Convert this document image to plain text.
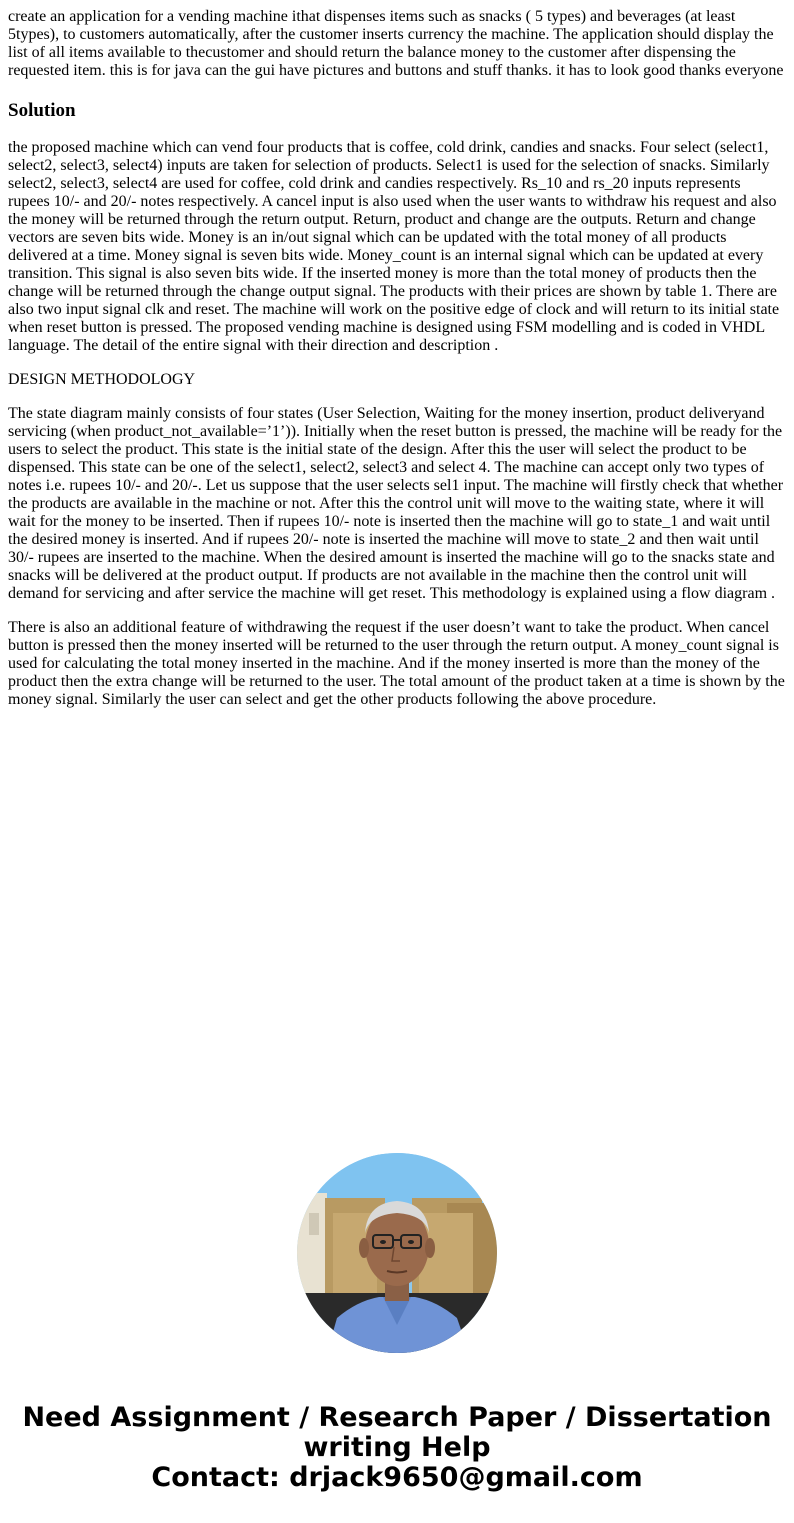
create an application for a vending machine ithat dispenses items such as snacks ( 5 types) and beverages (at least 5types), to customers automatically, after the customer inserts currency the machine. The application should display the list of all items available to thecustomer and should return the balance money to the customer after dispensing the requested item. this is for java can the gui have pictures and buttons and stuff thanks. it has to look good thanks everyone

Solution

the proposed machine which can vend four products that is coffee, cold drink, candies and snacks. Four select (select1, select2, select3, select4) inputs are taken for selection of products. Select1 is used for the selection of snacks. Similarly select2, select3, select4 are used for coffee, cold drink and candies respectively. Rs_10 and rs_20 inputs represents rupees 10/- and 20/- notes respectively. A cancel input is also used when the user wants to withdraw his request and also the money will be returned through the return output. Return, product and change are the outputs. Return and change vectors are seven bits wide. Money is an in/out signal which can be updated with the total money of all products delivered at a time. Money signal is seven bits wide. Money_count is an internal signal which can be updated at every transition. This signal is also seven bits wide. If the inserted money is more than the total money of products then the change will be returned through the change output signal. The products with their prices are shown by table 1. There are also two input signal clk and reset. The machine will work on the positive edge of clock and will return to its initial state when reset button is pressed. The proposed vending machine is designed using FSM modelling and is coded in VHDL language. The detail of the entire signal with their direction and description .

DESIGN METHODOLOGY

The state diagram mainly consists of four states (User Selection, Waiting for the money insertion, product deliveryand servicing (when product_not_available=’1’)). Initially when the reset button is pressed, the machine will be ready for the users to select the product. This state is the initial state of the design. After this the user will select the product to be dispensed. This state can be one of the select1, select2, select3 and select 4. The machine can accept only two types of notes i.e. rupees 10/- and 20/-. Let us suppose that the user selects sel1 input. The machine will firstly check that whether the products are available in the machine or not. After this the control unit will move to the waiting state, where it will wait for the money to be inserted. Then if rupees 10/- note is inserted then the machine will go to state_1 and wait until the desired money is inserted. And if rupees 20/- note is inserted the machine will move to state_2 and then wait until 30/- rupees are inserted to the machine. When the desired amount is inserted the machine will go to the snacks state and snacks will be delivered at the product output. If products are not available in the machine then the control unit will demand for servicing and after service the machine will get reset. This methodology is explained using a flow diagram .

There is also an additional feature of withdrawing the request if the user doesn’t want to take the product. When cancel button is pressed then the money inserted will be returned to the user through the return output. A money_count signal is used for calculating the total money inserted in the machine. And if the money inserted is more than the money of the product then the extra change will be returned to the user. The total amount of the product taken at a time is shown by the money signal. Similarly the user can select and get the other products following the above procedure.

Need Assignment / Research Paper / Dissertation
writing Help
Contact: drjack9650@gmail.com
